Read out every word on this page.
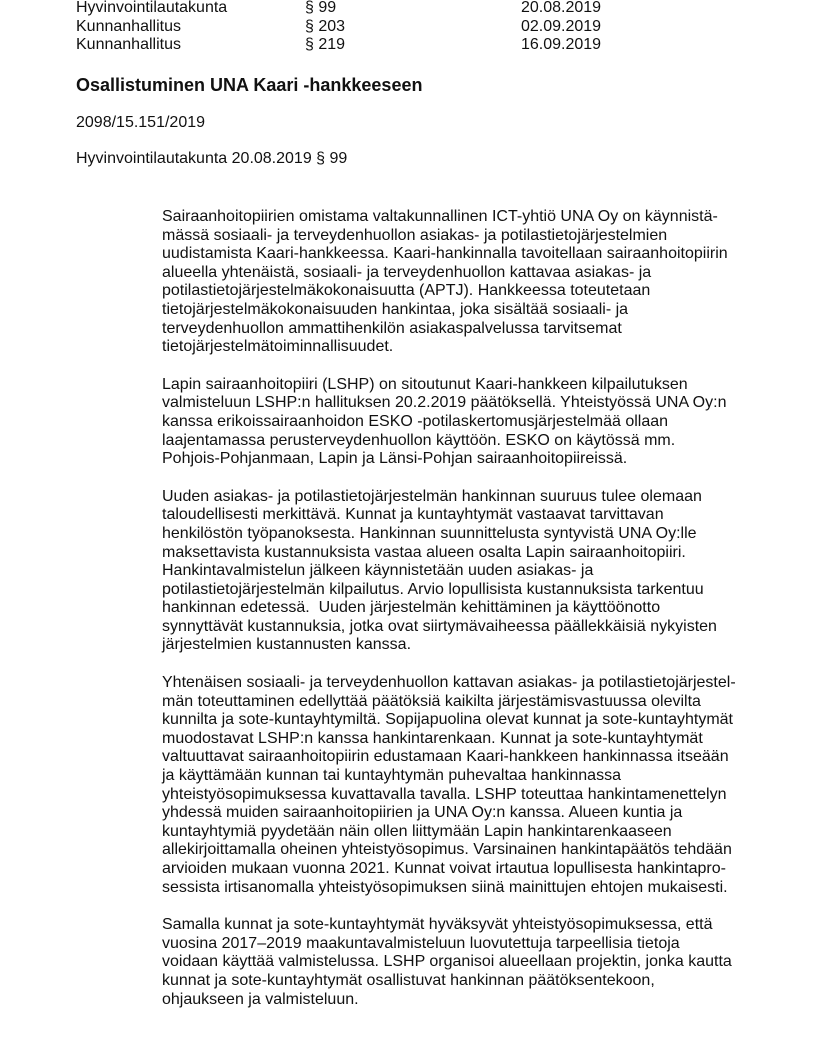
Hyvinvointilautakunta	§ 99	20.08.2019
Kunnanhallitus	§ 203	02.09.2019
Kunnanhallitus	§ 219	16.09.2019
Osallistuminen UNA Kaari -hankkeeseen
2098/15.151/2019
Hyvinvointilautakunta 20.08.2019 § 99
Sairaanhoitopiirien omistama valtakunnallinen ICT-yhtiö UNA Oy on käynnistä-
mässä sosiaali- ja terveydenhuollon asiakas- ja potilastietojärjestelmien
uudistamista Kaari-hankkeessa. Kaari-hankinnalla tavoitellaan sairaanhoitopiirin
alueella yhtenäistä, sosiaali- ja terveydenhuollon kattavaa asiakas- ja
potilastietojärjestelmäkokonaisuutta (APTJ). Hankkeessa toteutetaan
tietojärjestelmäkokonaisuuden hankintaa, joka sisältää sosiaali- ja
terveydenhuollon ammattihenkilön asiakaspalvelussa tarvitsemat
tietojärjestelmätoiminnallisuudet.
Lapin sairaanhoitopiiri (LSHP) on sitoutunut Kaari-hankkeen kilpailutuksen
valmisteluun LSHP:n hallituksen 20.2.2019 päätöksellä. Yhteistyössä UNA Oy:n
kanssa erikoissairaanhoidon ESKO -potilaskertomusjärjestelmää ollaan
laajentamassa perusterveydenhuollon käyttöön. ESKO on käytössä mm.
Pohjois-Pohjanmaan, Lapin ja Länsi-Pohjan sairaanhoitopiireissä.
Uuden asiakas- ja potilastietojärjestelmän hankinnan suuruus tulee olemaan
taloudellisesti merkittävä. Kunnat ja kuntayhtymät vastaavat tarvittavan
henkilöstön työpanoksesta. Hankinnan suunnittelusta syntyvistä UNA Oy:lle
maksettavista kustannuksista vastaa alueen osalta Lapin sairaanhoitopiiri.
Hankintavalmistelun jälkeen käynnistetään uuden asiakas- ja
potilastietojärjestelmän kilpailutus. Arvio lopullisista kustannuksista tarkentuu
hankinnan edetessä.  Uuden järjestelmän kehittäminen ja käyttöönotto
synnyttävät kustannuksia, jotka ovat siirtymävaiheessa päällekkäisiä nykyisten
järjestelmien kustannusten kanssa.
Yhtenäisen sosiaali- ja terveydenhuollon kattavan asiakas- ja potilastietojärjestel-
män toteuttaminen edellyttää päätöksiä kaikilta järjestämisvastuussa olevilta
kunnilta ja sote-kuntayhtymiltä. Sopijapuolina olevat kunnat ja sote-kuntayhtymät
muodostavat LSHP:n kanssa hankintarenkaan. Kunnat ja sote-kuntayhtymät
valtuuttavat sairaanhoitopiirin edustamaan Kaari-hankkeen hankinnassa itseään
ja käyttämään kunnan tai kuntayhtymän puhevaltaa hankinnassa
yhteistyösopimuksessa kuvattavalla tavalla. LSHP toteuttaa hankintamenettelyn
yhdessä muiden sairaanhoitopiirien ja UNA Oy:n kanssa. Alueen kuntia ja
kuntayhtymiä pyydetään näin ollen liittymään Lapin hankintarenkaaseen
allekirjoittamalla oheinen yhteistyösopimus. Varsinainen hankintapäätös tehdään
arvioiden mukaan vuonna 2021. Kunnat voivat irtautua lopullisesta hankintapro-
sessista irtisanomalla yhteistyösopimuksen siinä mainittujen ehtojen mukaisesti.
Samalla kunnat ja sote-kuntayhtymät hyväksyvät yhteistyösopimuksessa, että
vuosina 2017–2019 maakuntavalmisteluun luovutettuja tarpeellisia tietoja
voidaan käyttää valmistelussa. LSHP organisoi alueellaan projektin, jonka kautta
kunnat ja sote-kuntayhtymät osallistuvat hankinnan päätöksentekoon,
ohjaukseen ja valmisteluun.
